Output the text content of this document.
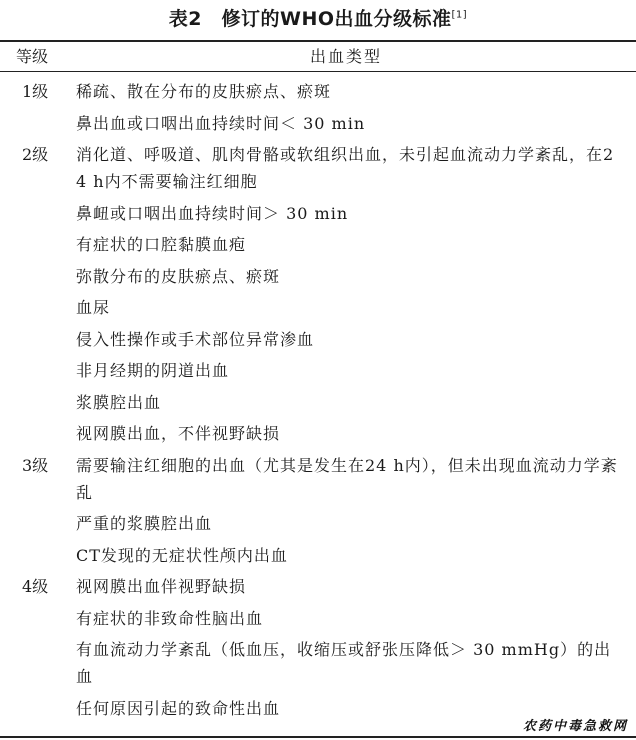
表2　修订的WHO出血分级标准[1]
等级	出血类型
1级 稀疏、散在分布的皮肤瘀点、瘀斑
鼻出血或口咽出血持续时间＜ 30 min
2级 消化道、呼吸道、肌肉骨骼或软组织出血，未引起血流动力学紊乱，在24 h内不需要输注红细胞
鼻衄或口咽出血持续时间＞ 30 min
有症状的口腔黏膜血疱
弥散分布的皮肤瘀点、瘀斑
血尿
侵入性操作或手术部位异常渗血
非月经期的阴道出血
浆膜腔出血
视网膜出血，不伴视野缺损
3级 需要输注红细胞的出血（尤其是发生在24 h内），但未出现血流动力学紊乱
严重的浆膜腔出血
CT发现的无症状性颅内出血
4级 视网膜出血伴视野缺损
有症状的非致命性脑出血
有血流动力学紊乱（低血压，收缩压或舒张压降低＞ 30 mmHg）的出血
任何原因引起的致命性出血
农药中毒急救网
